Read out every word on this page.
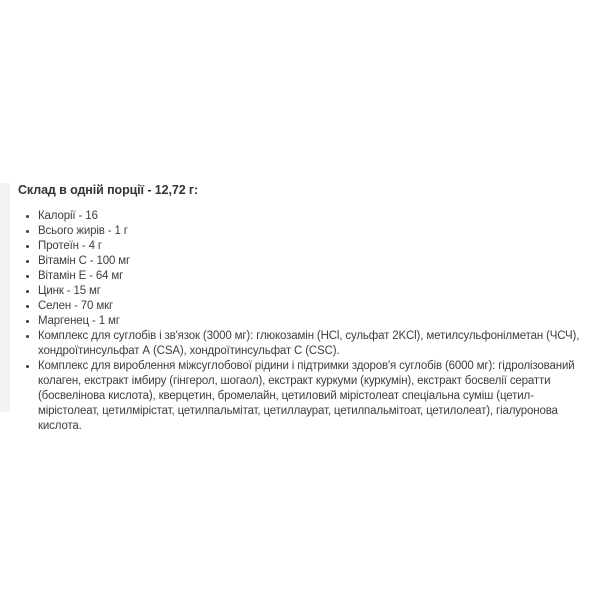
Склад в одній порції - 12,72 г:
Калорії - 16
Всього жирів - 1 г
Протеїн - 4 г
Вітамін C - 100 мг
Вітамін E - 64 мг
Цинк - 15 мг
Селен - 70 мкг
Маргенец - 1 мг
Комплекс для суглобів і зв'язок (3000 мг): глюкозамін (HCl, сульфат 2KCl), метилсульфонілметан (ЧСЧ), хондроїтинсульфат А (CSA), хондроїтинсульфат С (CSC).
Комплекс для вироблення міжсуглобової рідини і підтримки здоров'я суглобів (6000 мг): гідролізований колаген, екстракт імбиру (гінгерол, шогаол), екстракт куркуми (куркумін), екстракт босвелії сератти (босвелінова кислота), кверцетин, бромелайн, цетиловий мірістолеат спеціальна суміш (цетил- мірістолеат, цетилмірістат, цетилпальмітат, цетиллаурат, цетилпальмітоат, цетилолеат), гіалуронова кислота.
